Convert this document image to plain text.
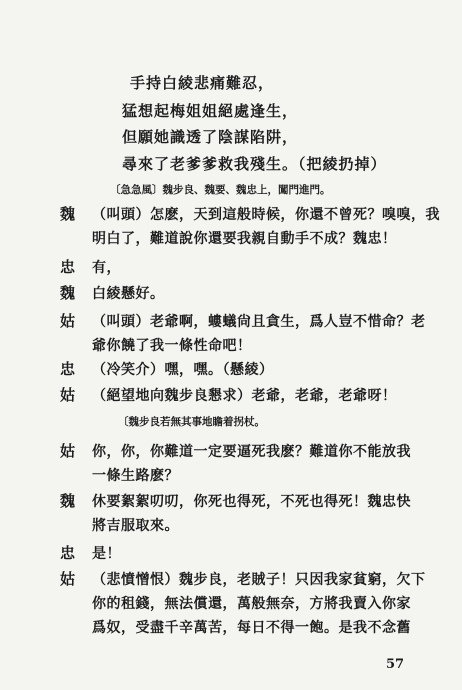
手持白綾悲痛難忍，
猛想起梅姐姐絕處逢生，
但願她識透了陰謀陷阱，
尋來了老爹爹救我殘生。（把綾扔掉）
〔急急風〕魏步良、魏要、魏忠上，闖門進門。
魏	（叫頭）怎麽，天到這般時候，你還不曾死？嗅嗅，我
明白了，難道說你還要我親自動手不成？魏忠！
忠	有，
魏	白綾懸好。
姑	（叫頭）老爺啊，螻蟻尙且貪生，爲人豈不惜命？老
爺你饒了我一條性命吧！
忠	（冷笑介）嘿，嘿。（懸綾）
姑	（絕望地向魏步良懇求）老爺，老爺，老爺呀！
〔魏步良若無其事地瞻着拐杖。
姑	你，你，你難道一定要逼死我麽？難道你不能放我
一條生路麽？
魏	休要絮絮叨叨，你死也得死，不死也得死！魏忠快
將吉服取來。
忠	是！
姑	（悲憤憎恨）魏步良，老賊子！只因我家貧窮，欠下
你的租錢，無法償還，萬般無奈，方將我賣入你家
爲奴，受盡千辛萬苦，每日不得一飽。是我不念舊
57
